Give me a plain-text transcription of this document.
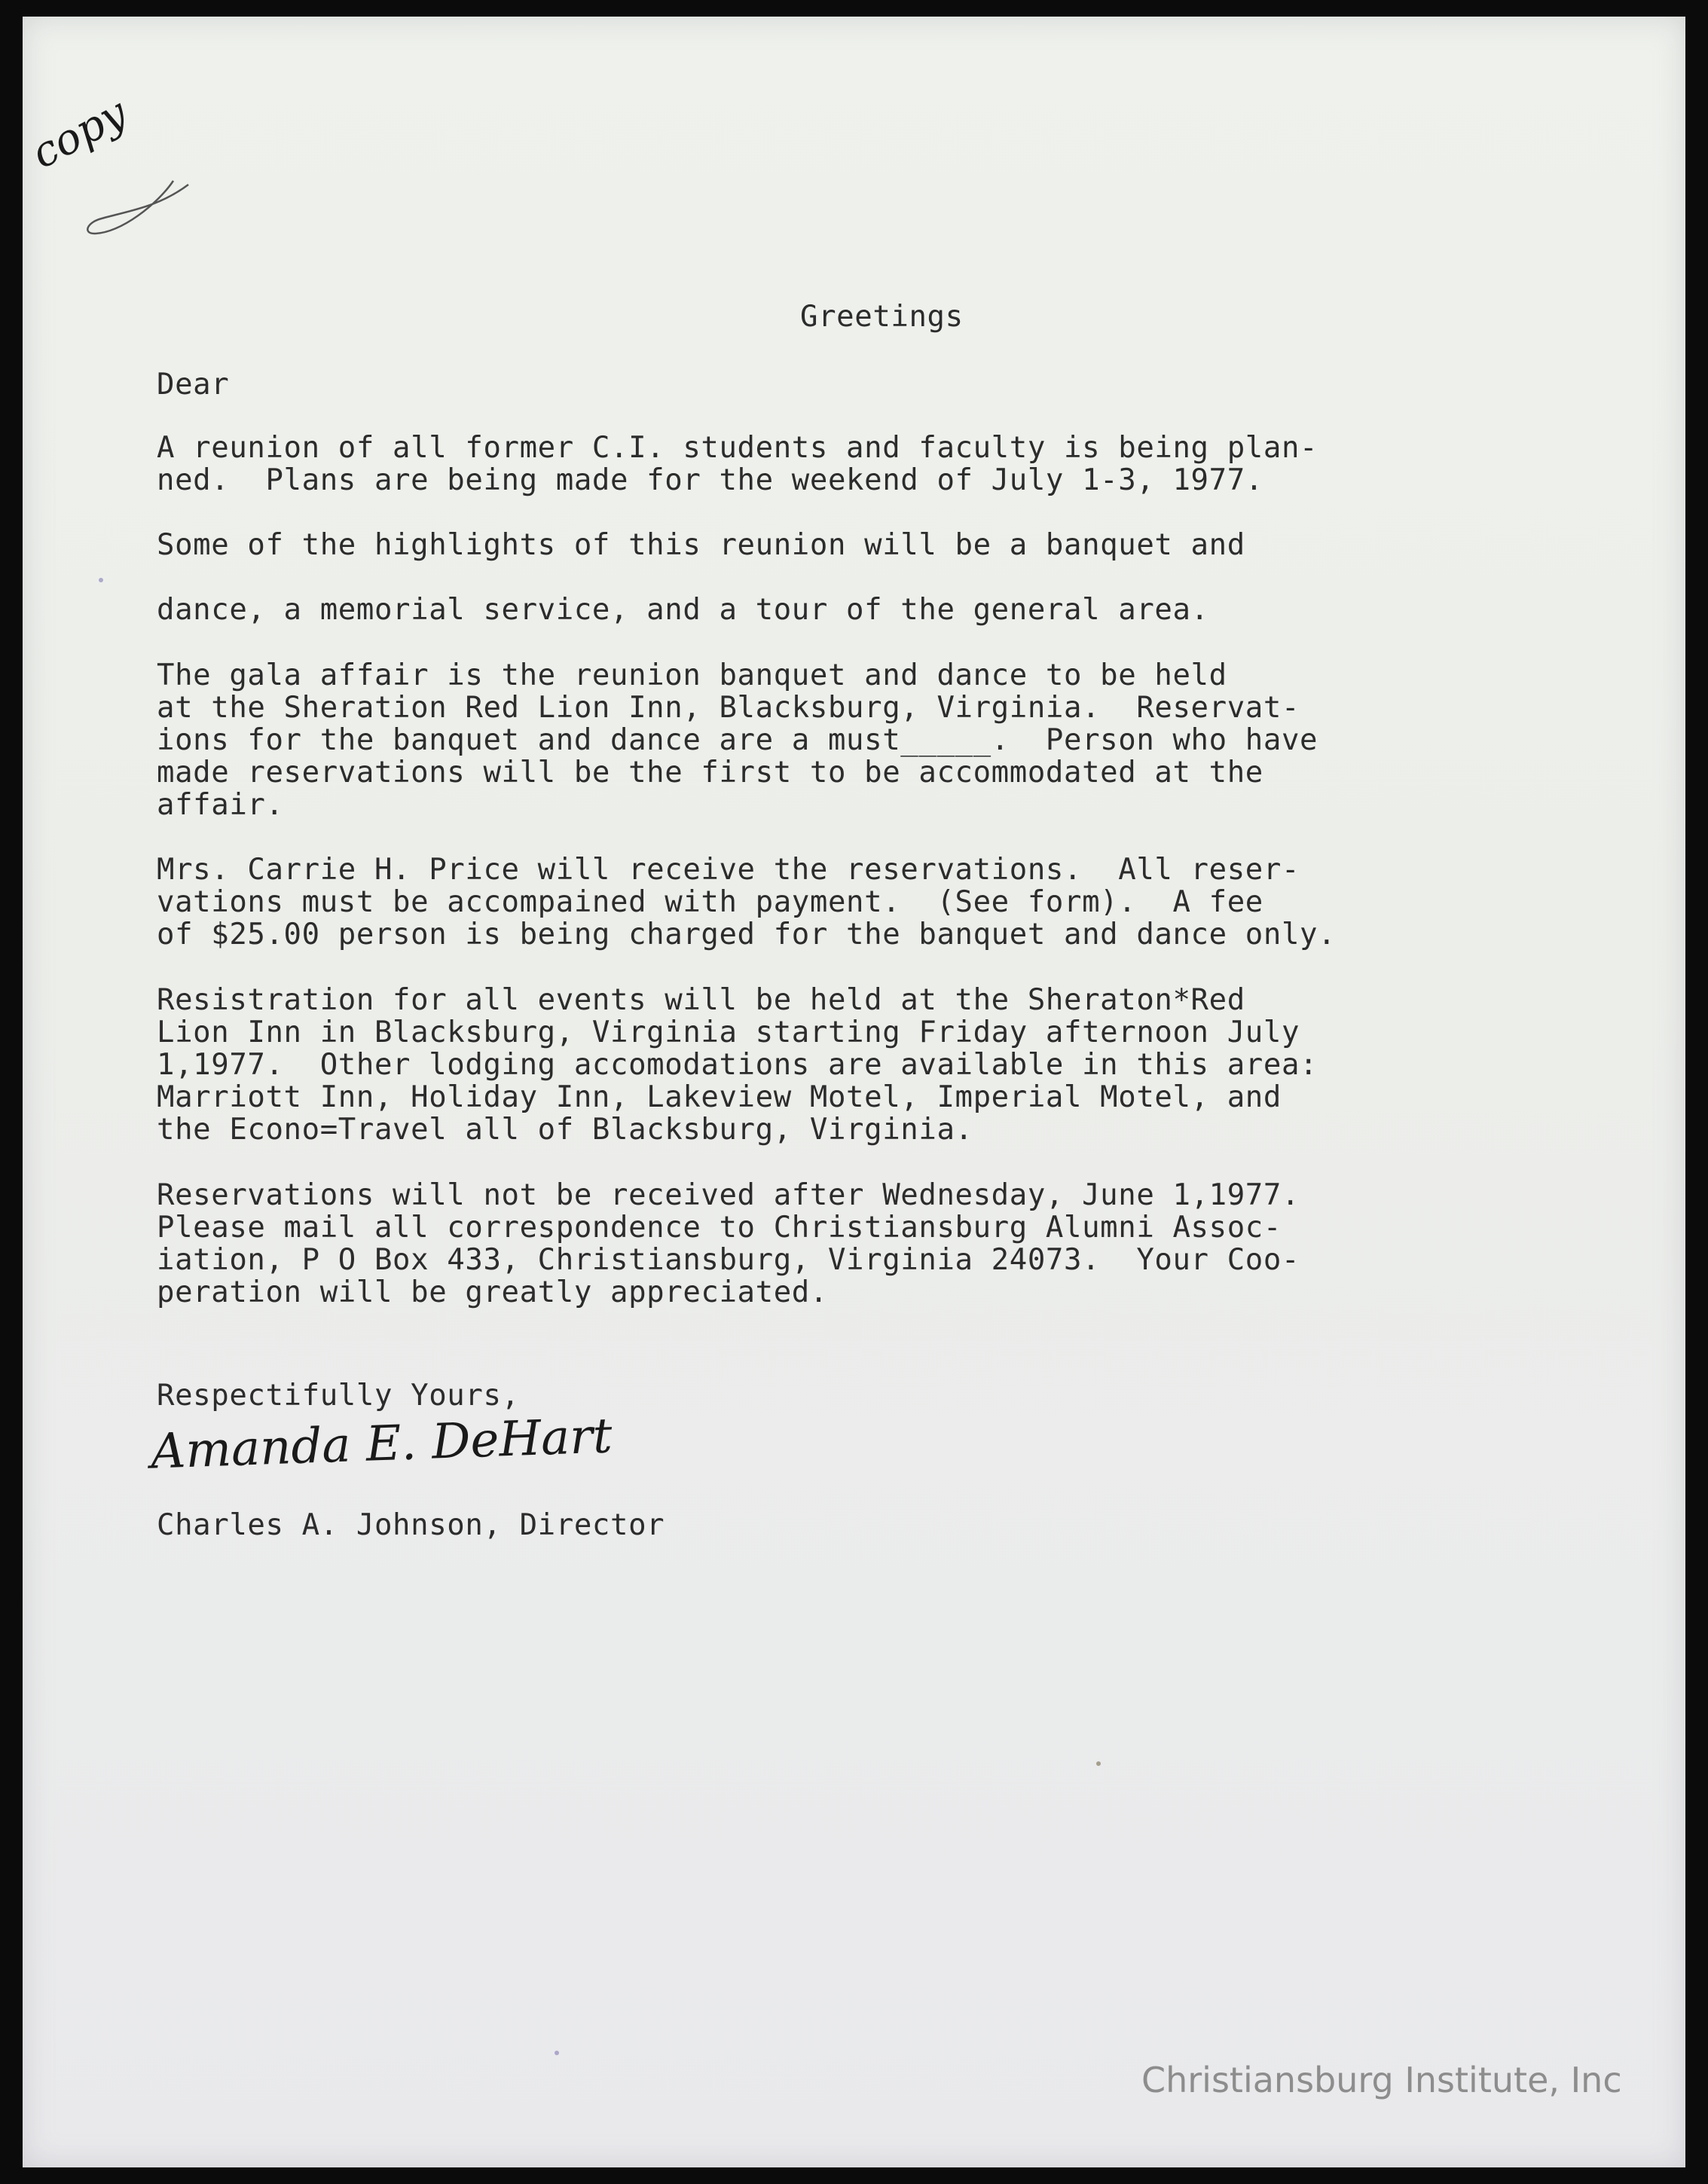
copy

Greetings

Dear

A reunion of all former C.I. students and faculty is being plan-
ned.  Plans are being made for the weekend of July 1-3, 1977.

Some of the highlights of this reunion will be a banquet and

dance, a memorial service, and a tour of the general area.

The gala affair is the reunion banquet and dance to be held
at the Sheration Red Lion Inn, Blacksburg, Virginia.  Reservat-
ions for the banquet and dance are a must_____.  Person who have
made reservations will be the first to be accommodated at the
affair.

Mrs. Carrie H. Price will receive the reservations.  All reser-
vations must be accompained with payment.  (See form).  A fee
of $25.00 person is being charged for the banquet and dance only.

Resistration for all events will be held at the Sheraton*Red
Lion Inn in Blacksburg, Virginia starting Friday afternoon July
1,1977.  Other lodging accomodations are available in this area:
Marriott Inn, Holiday Inn, Lakeview Motel, Imperial Motel, and
the Econo=Travel all of Blacksburg, Virginia.

Reservations will not be received after Wednesday, June 1,1977.
Please mail all correspondence to Christiansburg Alumni Assoc-
iation, P O Box 433, Christiansburg, Virginia 24073.  Your Coo-
peration will be greatly appreciated.

Respectifully Yours,

Amanda E. DeHart

Charles A. Johnson, Director

Christiansburg Institute, Inc
